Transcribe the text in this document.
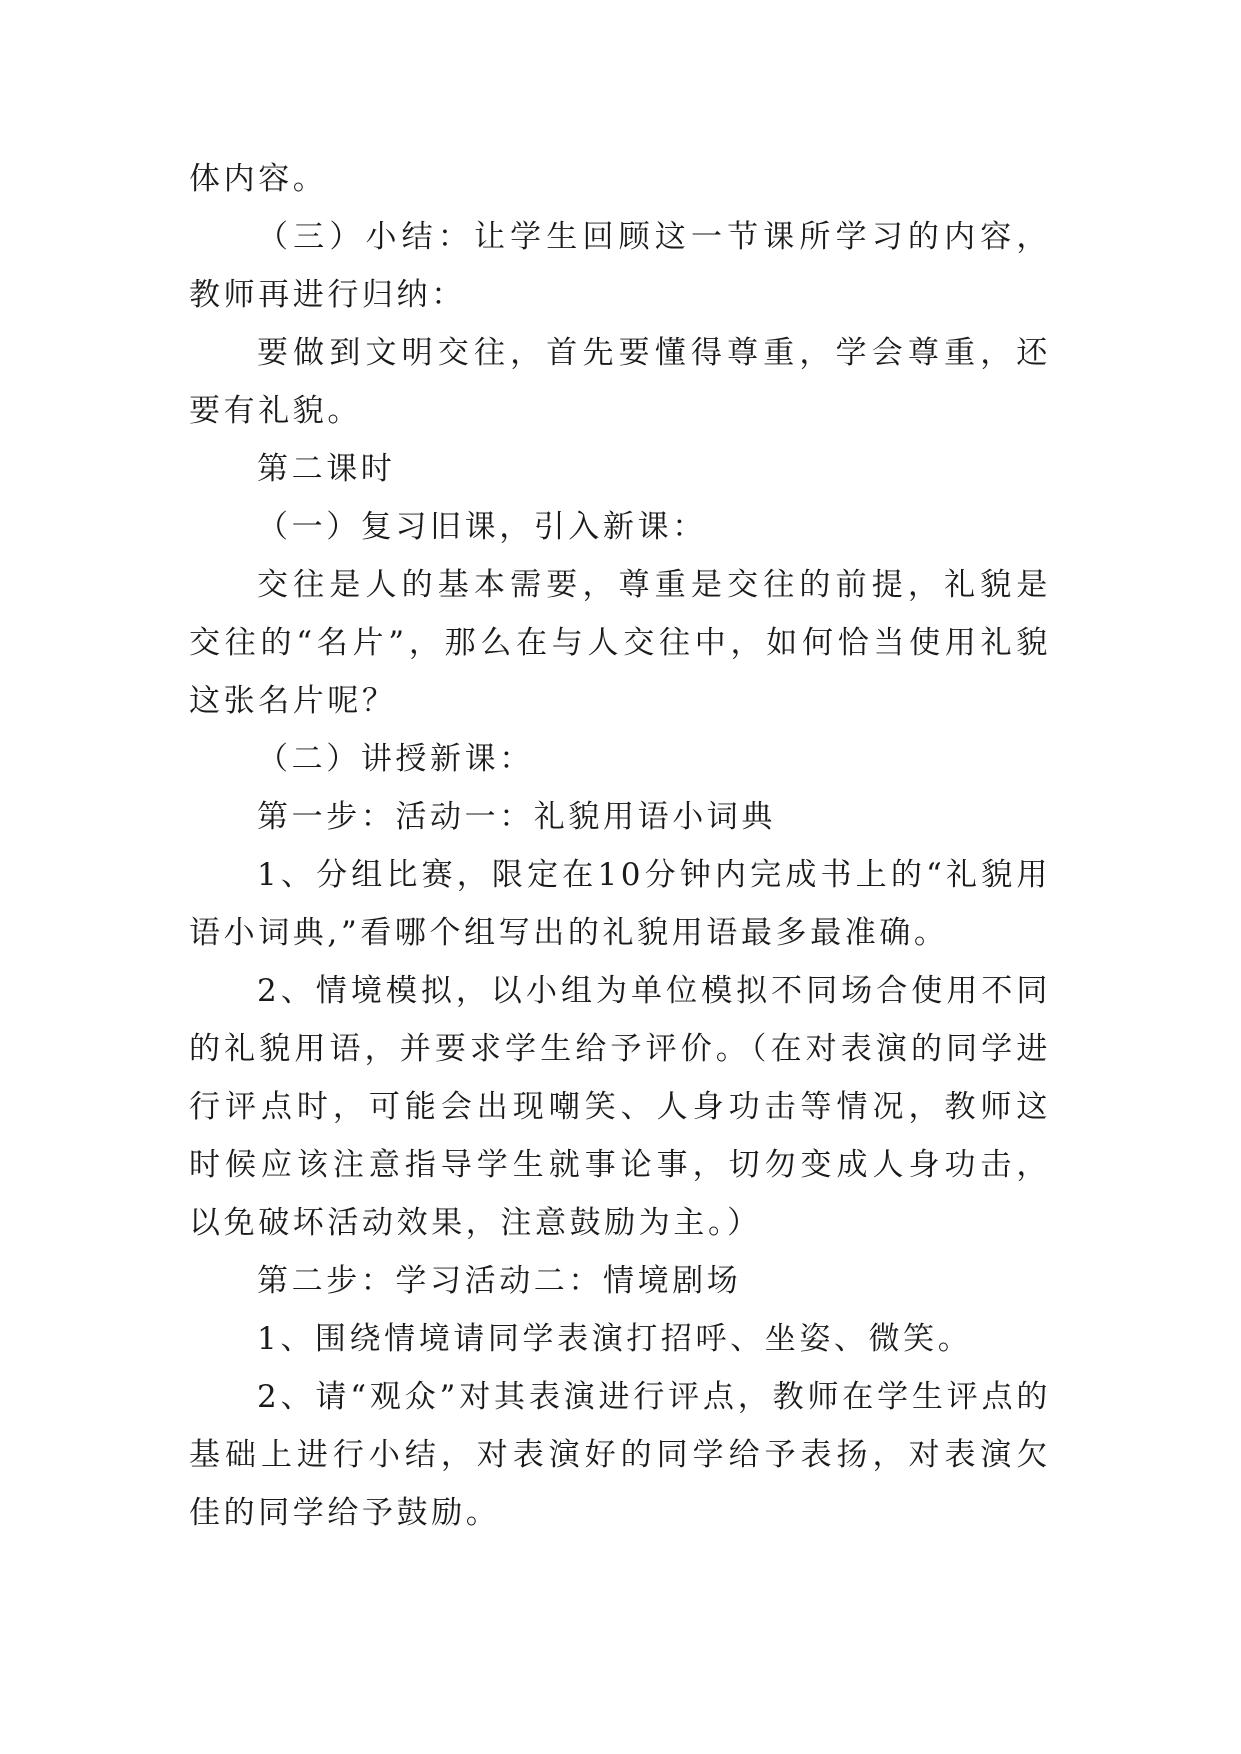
体内容。

（三）小结：让学生回顾这一节课所学习的内容，教师再进行归纳：

要做到文明交往，首先要懂得尊重，学会尊重，还要有礼貌。

第二课时

（一）复习旧课，引入新课：

交往是人的基本需要，尊重是交往的前提，礼貌是交往的“名片”，那么在与人交往中，如何恰当使用礼貌这张名片呢？

（二）讲授新课：

第一步：活动一：礼貌用语小词典

1、分组比赛，限定在10分钟内完成书上的“礼貌用语小词典,”看哪个组写出的礼貌用语最多最准确。

2、情境模拟，以小组为单位模拟不同场合使用不同的礼貌用语，并要求学生给予评价。（在对表演的同学进行评点时，可能会出现嘲笑、人身功击等情况，教师这时候应该注意指导学生就事论事，切勿变成人身功击，以免破坏活动效果，注意鼓励为主。）

第二步：学习活动二：情境剧场

1、围绕情境请同学表演打招呼、坐姿、微笑。

2、请“观众”对其表演进行评点，教师在学生评点的基础上进行小结，对表演好的同学给予表扬，对表演欠佳的同学给予鼓励。
